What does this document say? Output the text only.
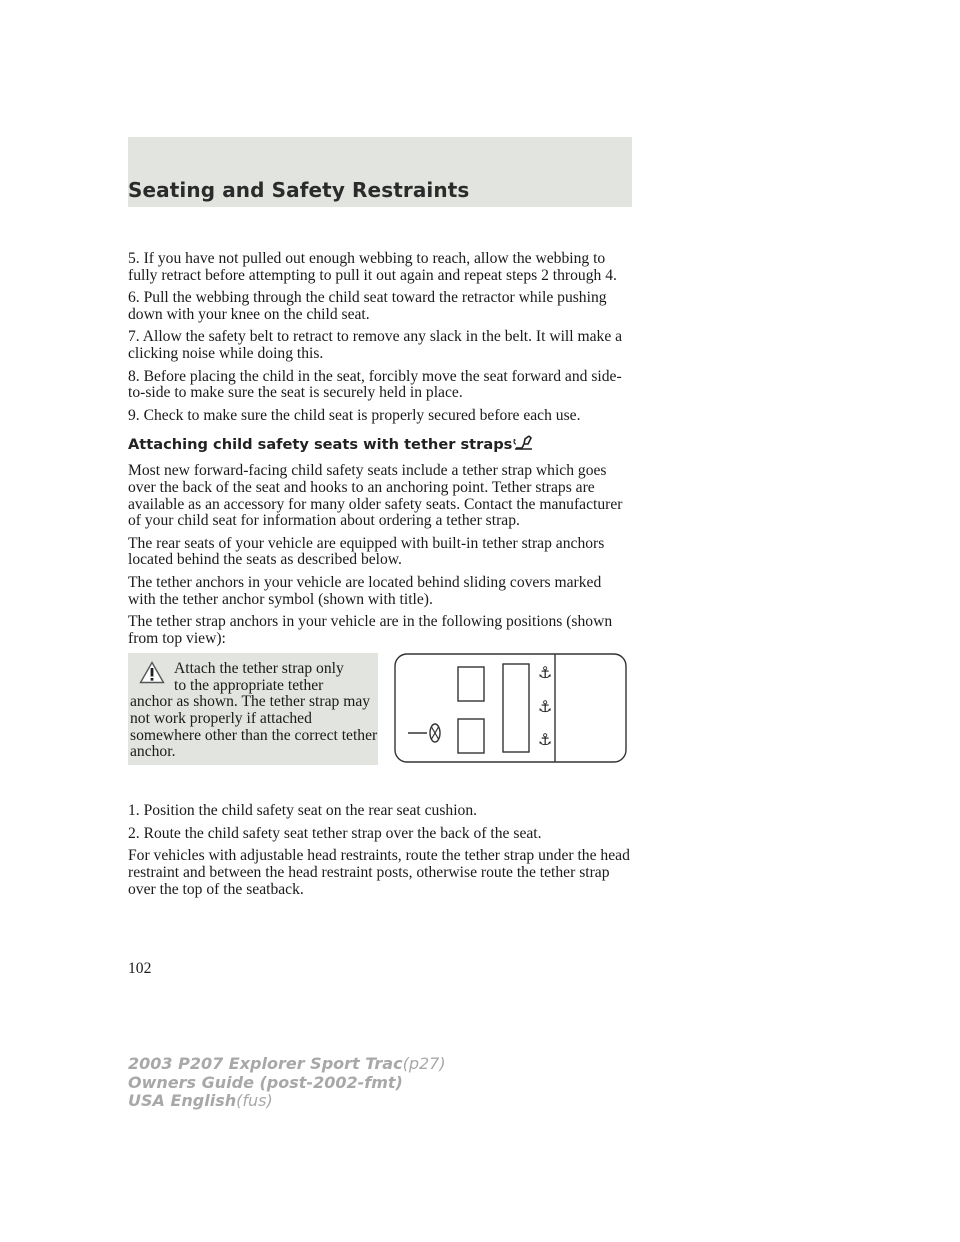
Seating and Safety Restraints

5. If you have not pulled out enough webbing to reach, allow the webbing to fully retract before attempting to pull it out again and repeat steps 2 through 4.

6. Pull the webbing through the child seat toward the retractor while pushing down with your knee on the child seat.

7. Allow the safety belt to retract to remove any slack in the belt. It will make a clicking noise while doing this.

8. Before placing the child in the seat, forcibly move the seat forward and side-to-side to make sure the seat is securely held in place.

9. Check to make sure the child seat is properly secured before each use.

Attaching child safety seats with tether straps

Most new forward-facing child safety seats include a tether strap which goes over the back of the seat and hooks to an anchoring point. Tether straps are available as an accessory for many older safety seats. Contact the manufacturer of your child seat for information about ordering a tether strap.

The rear seats of your vehicle are equipped with built-in tether strap anchors located behind the seats as described below.

The tether anchors in your vehicle are located behind sliding covers marked with the tether anchor symbol (shown with title).

The tether strap anchors in your vehicle are in the following positions (shown from top view):

Attach the tether strap only
to the appropriate tether
anchor as shown. The tether strap may not work properly if attached somewhere other than the correct tether anchor.
⚓
⚓
⚓

1. Position the child safety seat on the rear seat cushion.

2. Route the child safety seat tether strap over the back of the seat.

For vehicles with adjustable head restraints, route the tether strap under the head restraint and between the head restraint posts, otherwise route the tether strap over the top of the seatback.

102
2003 P207 Explorer Sport Trac(p27)
Owners Guide (post-2002-fmt)
USA English(fus)
